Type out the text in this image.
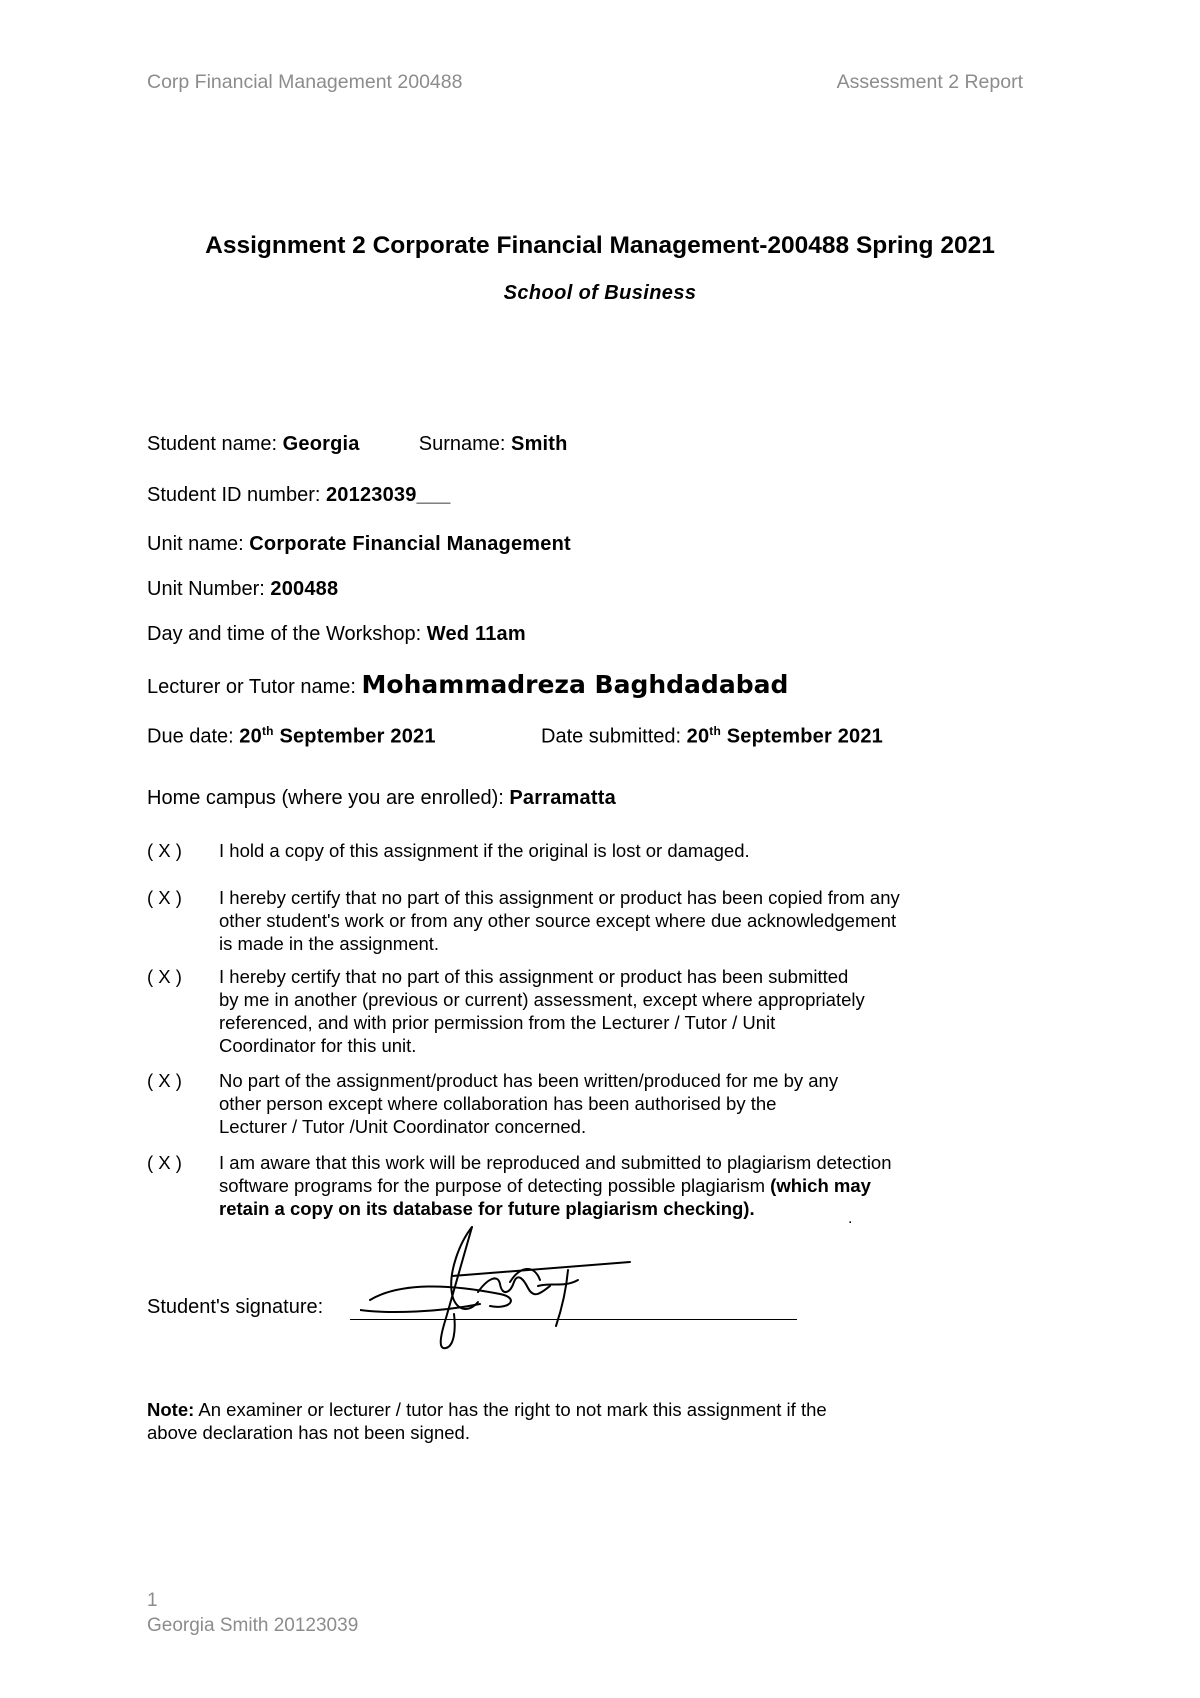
Corp Financial Management 200488	Assessment 2 Report
Assignment 2 Corporate Financial Management-200488 Spring 2021
School of Business
Student name: Georgia	Surname: Smith
Student ID number: 20123039___
Unit name: Corporate Financial Management
Unit Number: 200488
Day and time of the Workshop: Wed 11am
Lecturer or Tutor name: Mohammadreza Baghdadabad
Due date: 20th September 2021	Date submitted: 20th September 2021
Home campus (where you are enrolled): Parramatta
( X ) I hold a copy of this assignment if the original is lost or damaged.
( X ) I hereby certify that no part of this assignment or product has been copied from any
other student's work or from any other source except where due acknowledgement
is made in the assignment.
( X ) I hereby certify that no part of this assignment or product has been submitted
by me in another (previous or current) assessment, except where appropriately
referenced, and with prior permission from the Lecturer / Tutor / Unit
Coordinator for this unit.
( X ) No part of the assignment/product has been written/produced for me by any
other person except where collaboration has been authorised by the
Lecturer / Tutor /Unit Coordinator concerned.
( X ) I am aware that this work will be reproduced and submitted to plagiarism detection
software programs for the purpose of detecting possible plagiarism (which may
retain a copy on its database for future plagiarism checking).	.
Student's signature:
Note: An examiner or lecturer / tutor has the right to not mark this assignment if the
above declaration has not been signed.
1
Georgia Smith 20123039
